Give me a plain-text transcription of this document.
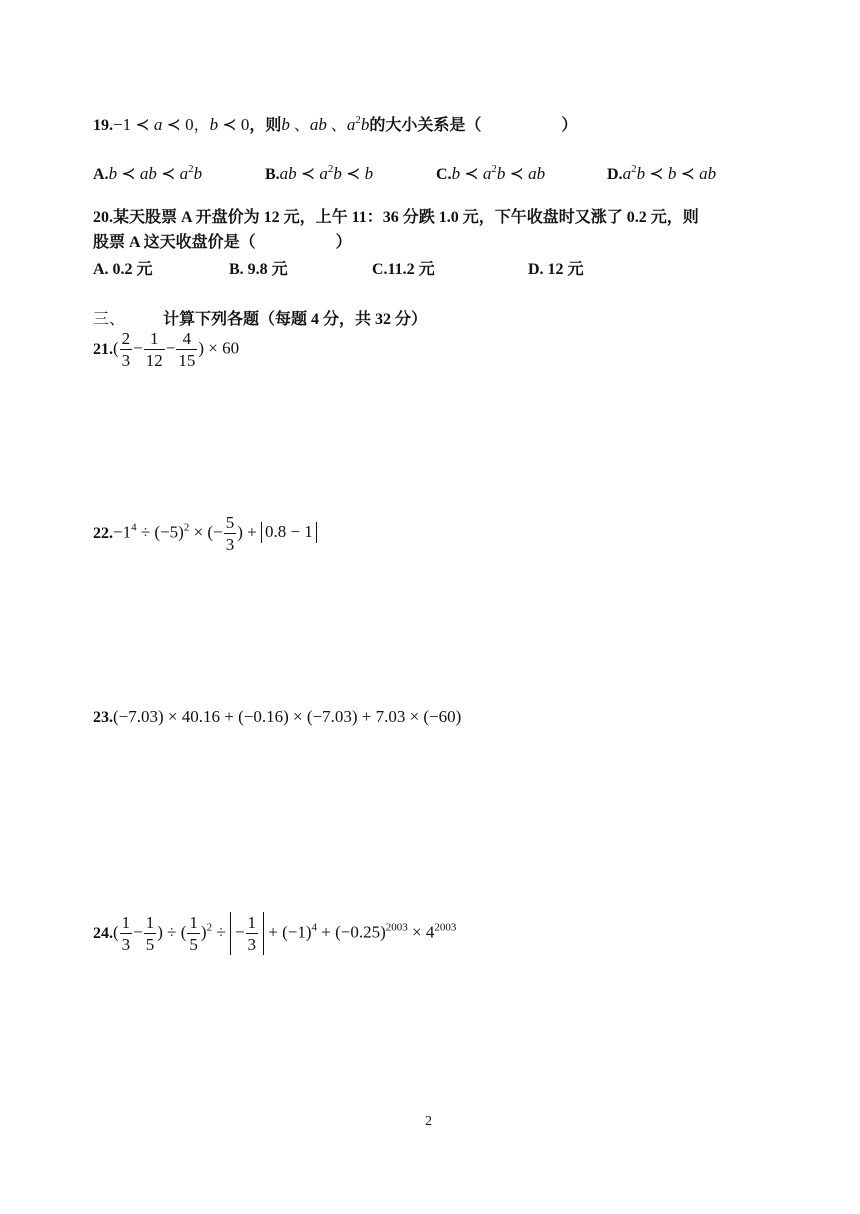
19.−1 ≺ a ≺ 0，b ≺ 0，则b 、ab 、$a^2b$的大小关系是（　　　　　）
A.b ≺ ab ≺ $a^2b$	B.ab ≺ $a^2b$ ≺ b	C.b ≺ $a^2b$ ≺ ab	$D.a^2b$ ≺ b ≺ ab
20.某天股票 A 开盘价为 12 元，上午 11：36 分跌 1.0 元，下午收盘时又涨了 0.2 元，则
股票 A 这天收盘价是（　　　　　）
A. 0.2 元	B. 9.8 元	C.11.2 元	D. 12 元
三、 计算下列各题（每题 4 分，共 32 分）
21. ( $\frac{2}{3} - \frac{1}{12} - \frac{4}{15}$ ) × 60
22. $-1^4 \div (-5)^2$ × (− $\frac{5}{3}$ ) + 0.8 − 1
23.(−7.03) × 40.16 + (−0.16) × (−7.03) + 7.03 × (−60)
24. ( $\frac{1}{3} - \frac{1}{5}$ ) ÷ ( $\frac{1}{5} )^2$ ÷ − $\frac{1}{3} + (-1)^4 + (-0.25)^{2003} \times 4^{2003}$
2
